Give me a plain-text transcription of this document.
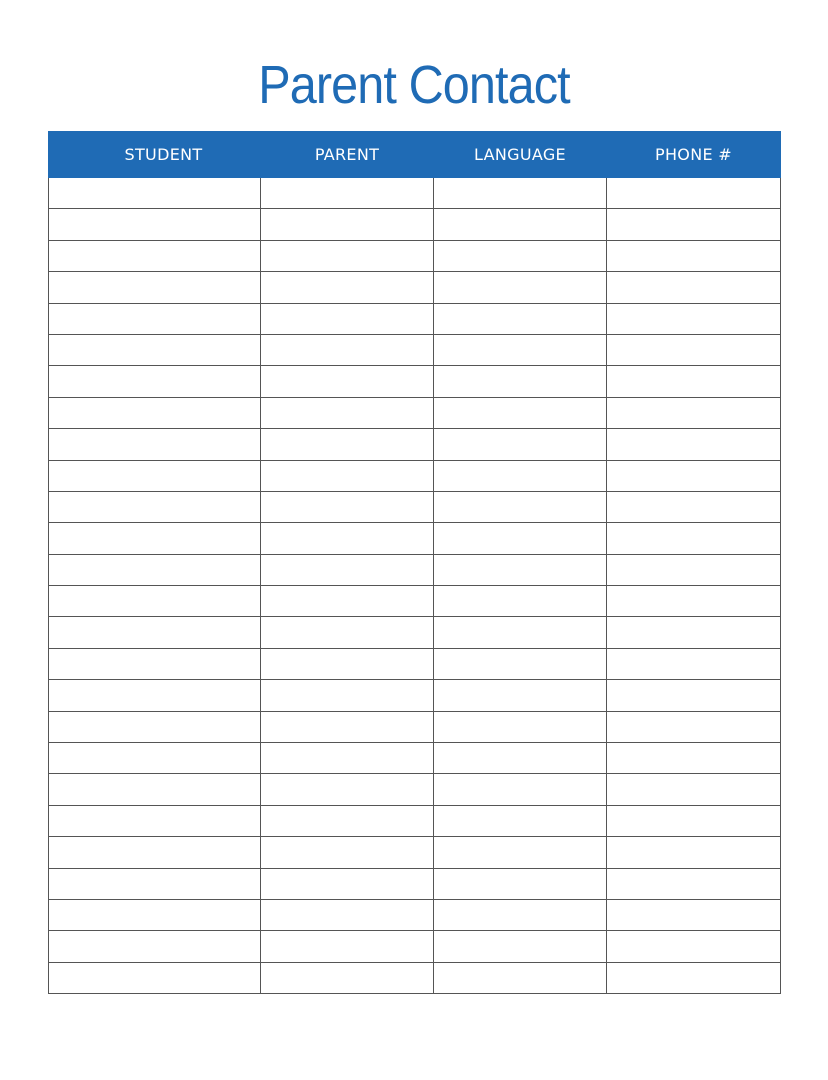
Parent Contact
STUDENT	PARENT	LANGUAGE	PHONE #
